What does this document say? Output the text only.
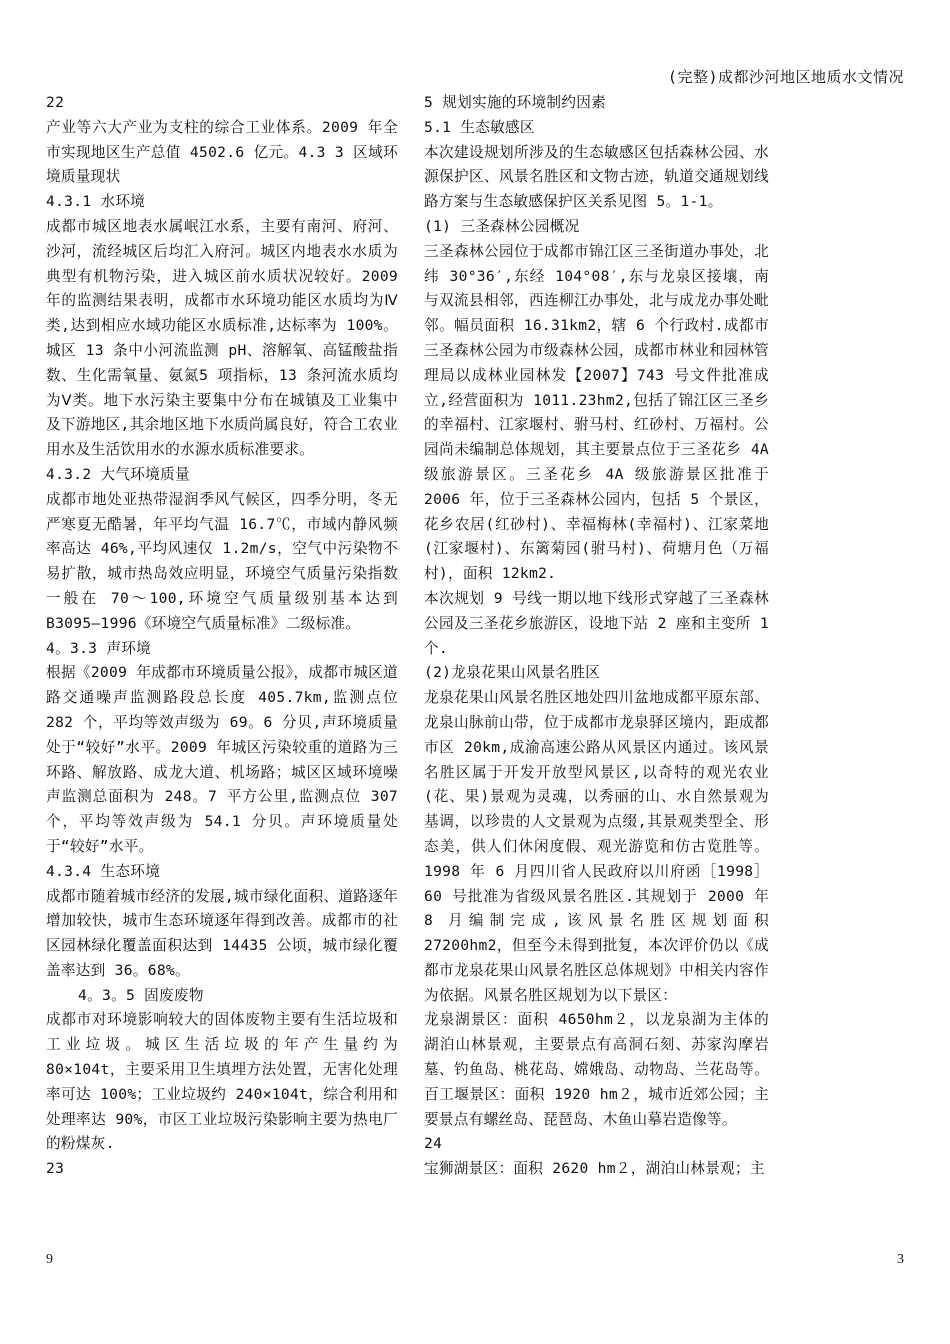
(完整)成都沙河地区地质水文情况

22

产业等六大产业为支柱的综合工业体系。2009 年全市实现地区生产总值 4502.6 亿元。4.3 3 区域环境质量现状

4.3.1 水环境

成都市城区地表水属岷江水系，主要有南河、府河、沙河，流经城区后均汇入府河。城区内地表水水质为典型有机物污染，进入城区前水质状况较好。2009 年的监测结果表明，成都市水环境功能区水质均为Ⅳ类,达到相应水域功能区水质标准,达标率为 100%。城区 13 条中小河流监测 pH、溶解氧、高锰酸盐指数、生化需氧量、氨氮5 项指标，13 条河流水质均为Ⅴ类。地下水污染主要集中分布在城镇及工业集中及下游地区,其余地区地下水质尚属良好，符合工农业用水及生活饮用水的水源水质标准要求。

4.3.2 大气环境质量

成都市地处亚热带湿润季风气候区，四季分明，冬无严寒夏无酷暑，年平均气温 16.7℃，市域内静风频率高达 46%,平均风速仅 1.2m/s，空气中污染物不易扩散，城市热岛效应明显，环境空气质量污染指数一般在 70～100,环境空气质量级别基本达到 B3095—1996《环境空气质量标准》二级标准。

4。3.3 声环境

根据《2009 年成都市环境质量公报》，成都市城区道路交通噪声监测路段总长度 405.7km,监测点位 282 个，平均等效声级为 69。6 分贝,声环境质量处于“较好”水平。2009 年城区污染较重的道路为三环路、解放路、成龙大道、机场路；城区区域环境噪声监测总面积为 248。7 平方公里,监测点位 307 个，平均等效声级为 54.1 分贝。声环境质量处于“较好”水平。

4.3.4 生态环境

成都市随着城市经济的发展,城市绿化面积、道路逐年增加较快，城市生态环境逐年得到改善。成都市的社区园林绿化覆盖面积达到 14435 公顷，城市绿化覆盖率达到 36。68%。

4。3。5 固废废物

成都市对环境影响较大的固体废物主要有生活垃圾和工业垃圾。城区生活垃圾的年产生量约为 80×104t，主要采用卫生填埋方法处置，无害化处理率可达 100%；工业垃圾约 240×104t，综合利用和处理率达 90%，市区工业垃圾污染影响主要为热电厂的粉煤灰.

23

5 规划实施的环境制约因素

5.1 生态敏感区

本次建设规划所涉及的生态敏感区包括森林公园、水源保护区、风景名胜区和文物古迹，轨道交通规划线路方案与生态敏感保护区关系见图 5。1-1。

(1) 三圣森林公园概况

三圣森林公园位于成都市锦江区三圣街道办事处，北纬 30°36′,东经 104°08′,东与龙泉区接壤，南与双流县相邻，西连柳江办事处，北与成龙办事处毗邻。幅员面积 16.31km2，辖 6 个行政村.成都市三圣森林公园为市级森林公园，成都市林业和园林管理局以成林业园林发【2007】743 号文件批准成立,经营面积为 1011.23hm2,包括了锦江区三圣乡的幸福村、江家堰村、驸马村、红砂村、万福村。公园尚未编制总体规划，其主要景点位于三圣花乡 4A 级旅游景区。三圣花乡 4A 级旅游景区批准于 2006 年，位于三圣森林公园内，包括 5 个景区，花乡农居(红砂村)、幸福梅林(幸福村)、江家菜地(江家堰村)、东篱菊园(驸马村)、荷塘月色（万福村)，面积 12km2.

本次规划 9 号线一期以地下线形式穿越了三圣森林公园及三圣花乡旅游区，设地下站 2 座和主变所 1 个.

(2)龙泉花果山风景名胜区

龙泉花果山风景名胜区地处四川盆地成都平原东部、龙泉山脉前山带，位于成都市龙泉驿区境内，距成都市区 20km,成渝高速公路从风景区内通过。该风景名胜区属于开发开放型风景区,以奇特的观光农业(花、果)景观为灵魂，以秀丽的山、水自然景观为基调，以珍贵的人文景观为点缀,其景观类型全、形态美，供人们休闲度假、观光游览和仿古览胜等。1998 年 6 月四川省人民政府以川府函［1998］60 号批准为省级风景名胜区.其规划于 2000 年 8 月编制完成,该风景名胜区规划面积 27200hm2，但至今未得到批复，本次评价仍以《成都市龙泉花果山风景名胜区总体规划》中相关内容作为依据。风景名胜区规划为以下景区：

龙泉湖景区：面积 4650hm２，以龙泉湖为主体的湖泊山林景观，主要景点有高洞石刻、苏家沟摩岩墓、钓鱼岛、桃花岛、嫦娥岛、动物岛、兰花岛等。百工堰景区：面积 1920 hm２，城市近郊公园；主要景点有螺丝岛、琵琶岛、木鱼山摹岩造像等。

24

宝狮湖景区：面积 2620 hm２，湖泊山林景观；主

9	3
